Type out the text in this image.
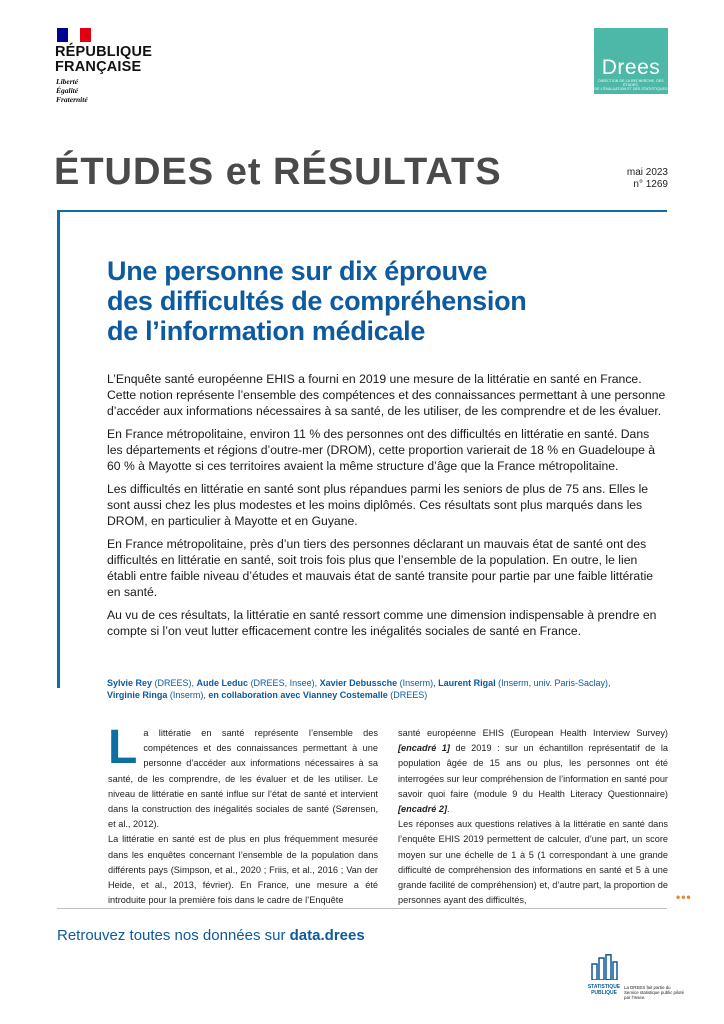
RÉPUBLIQUE
FRANÇAISE
Liberté
Égalité
Fraternité
Drees
DIRECTION DE LA RECHERCHE, DES ÉTUDES,
DE L'ÉVALUATION ET DES STATISTIQUES
ÉTUDES et RÉSULTATS	mai 2023
n° 1269
Une personne sur dix éprouve
des difficultés de compréhension
de l’information médicale

L’Enquête santé européenne EHIS a fourni en 2019 une mesure de la littératie en santé en France. Cette notion représente l’ensemble des compétences et des connaissances permettant à une personne d’accéder aux informations nécessaires à sa santé, de les utiliser, de les comprendre et de les évaluer.

En France métropolitaine, environ 11 % des personnes ont des difficultés en littératie en santé. Dans les départements et régions d’outre-mer (DROM), cette proportion varierait de 18 % en Guadeloupe à 60 % à Mayotte si ces territoires avaient la même structure d’âge que la France métropolitaine.

Les difficultés en littératie en santé sont plus répandues parmi les seniors de plus de 75 ans. Elles le sont aussi chez les plus modestes et les moins diplômés. Ces résultats sont plus marqués dans les DROM, en particulier à Mayotte et en Guyane.

En France métropolitaine, près d’un tiers des personnes déclarant un mauvais état de santé ont des difficultés en littératie en santé, soit trois fois plus que l’ensemble de la population. En outre, le lien établi entre faible niveau d’études et mauvais état de santé transite pour partie par une faible littératie en santé.

Au vu de ces résultats, la littératie en santé ressort comme une dimension indispensable à prendre en compte si l’on veut lutter efficacement contre les inégalités sociales de santé en France.

Sylvie Rey (DREES), Aude Leduc (DREES, Insee), Xavier Debussche (Inserm), Laurent Rigal (Inserm, univ. Paris-Saclay),
Virginie Ringa (Inserm), en collaboration avec Vianney Costemalle (DREES)

La littératie en santé représente l’ensemble des compétences et des connaissances permettant à une personne d’accéder aux informations nécessaires à sa santé, de les comprendre, de les évaluer et de les utiliser. Le niveau de littératie en santé influe sur l’état de santé et intervient dans la construction des inégalités sociales de santé (Sørensen, et al., 2012).

La littératie en santé est de plus en plus fréquemment mesurée dans les enquêtes concernant l’ensemble de la population dans différents pays (Simpson, et al., 2020 ; Friis, et al., 2016 ; Van der Heide, et al., 2013, février). En France, une mesure a été introduite pour la première fois dans le cadre de l’Enquête

santé européenne EHIS (European Health Interview Survey) [encadré 1] de 2019 : sur un échantillon représentatif de la population âgée de 15 ans ou plus, les personnes ont été interrogées sur leur compréhension de l’information en santé pour savoir quoi faire (module 9 du Health Literacy Questionnaire) [encadré 2].

Les réponses aux questions relatives à la littératie en santé dans l’enquête EHIS 2019 permettent de calculer, d’une part, un score moyen sur une échelle de 1 à 5 (1 correspondant à une grande difficulté de compréhension des informations en santé et 5 à une grande facilité de compréhension) et, d’autre part, la proportion de personnes ayant des difficultés,	•••
Retrouvez toutes nos données sur data.drees
STATISTIQUE
PUBLIQUE
La DREES fait partie du Service statistique public piloté par l’Insee.
